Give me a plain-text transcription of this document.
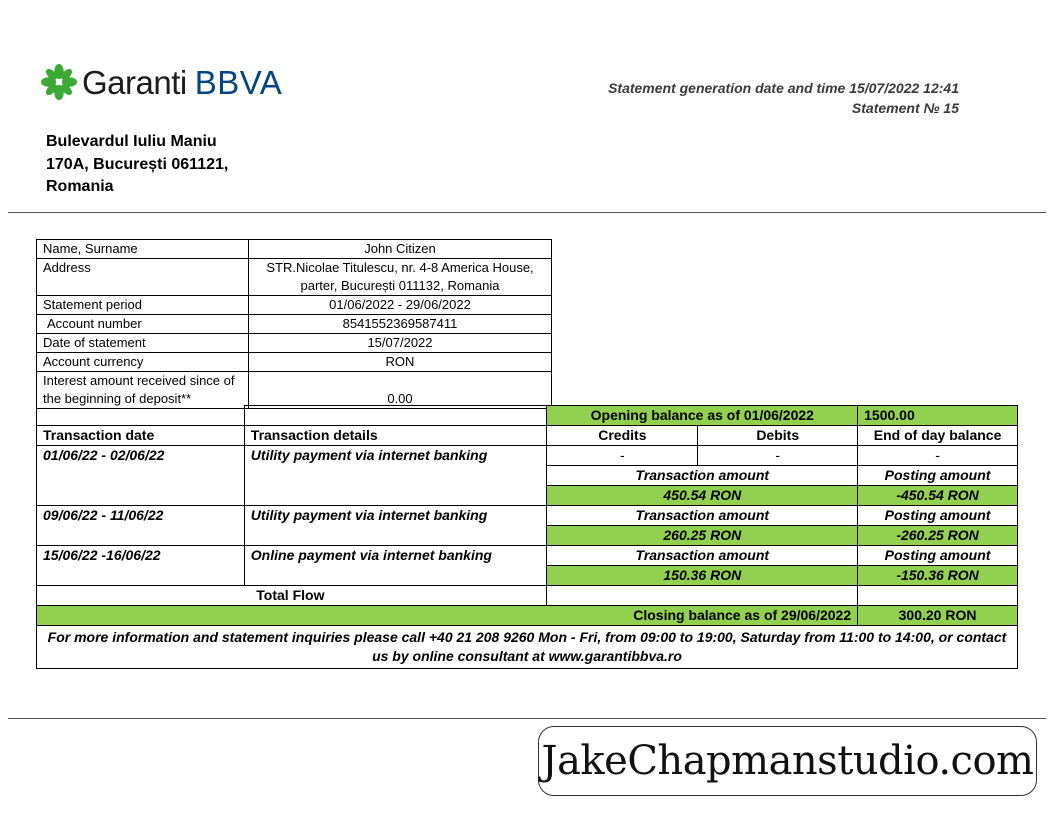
Garanti BBVA
Bulevardul Iuliu Maniu
170A, București 061121,
Romania
Statement generation date and time 15/07/2022 12:41
Statement № 15
Name, Surname	John Citizen
Address	STR.Nicolae Titulescu, nr. 4-8 America House, parter, București 011132, Romania
Statement period	01/06/2022 - 29/06/2022
Account number	8541552369587411
Date of statement	15/07/2022
Account currency	RON
Interest amount received since of the beginning of deposit**	0.00
		Opening balance as of 01/06/2022		1500.00
Transaction date	Transaction details	Credits	Debits	End of day balance
01/06/22 - 02/06/22	Utility payment via internet banking	-	-	-
		Transaction amount		Posting amount
		450.54 RON		-450.54 RON
09/06/22 - 11/06/22	Utility payment via internet banking	Transaction amount		Posting amount
		260.25 RON		-260.25 RON
15/06/22 -16/06/22	Online payment via internet banking	Transaction amount		Posting amount
		150.36 RON		-150.36 RON
	Total Flow			
Closing balance as of 29/06/2022				300.20 RON
For more information and statement inquiries please call +40 21 208 9260 Mon - Fri, from 09:00 to 19:00, Saturday from 11:00 to 14:00, or contact us by online consultant at www.garantibbva.ro				
JakeChapmanstudio.com
